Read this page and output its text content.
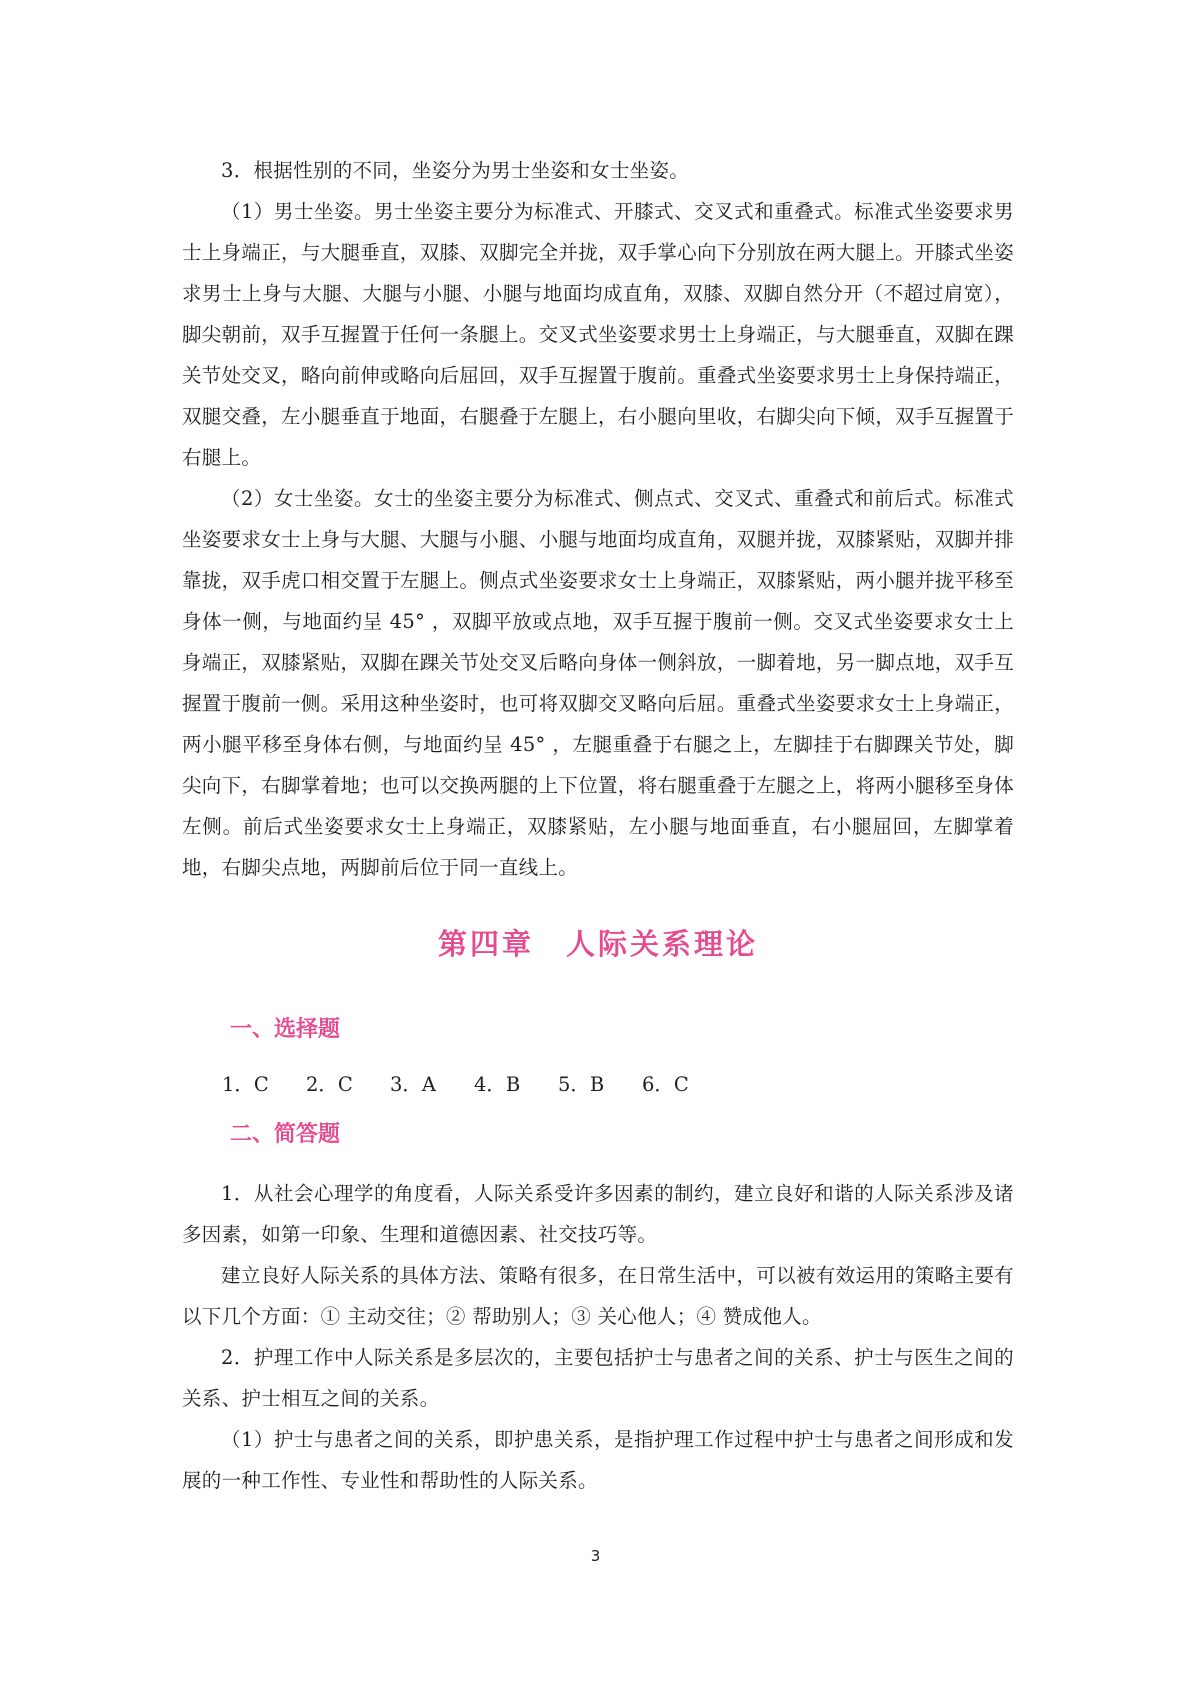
3．根据性别的不同，坐姿分为男士坐姿和女士坐姿。

（1）男士坐姿。男士坐姿主要分为标准式、开膝式、交叉式和重叠式。标准式坐姿要求男士上身端正，与大腿垂直，双膝、双脚完全并拢，双手掌心向下分别放在两大腿上。开膝式坐姿求男士上身与大腿、大腿与小腿、小腿与地面均成直角，双膝、双脚自然分开（不超过肩宽），脚尖朝前，双手互握置于任何一条腿上。交叉式坐姿要求男士上身端正，与大腿垂直，双脚在踝关节处交叉，略向前伸或略向后屈回，双手互握置于腹前。重叠式坐姿要求男士上身保持端正，双腿交叠，左小腿垂直于地面，右腿叠于左腿上，右小腿向里收，右脚尖向下倾，双手互握置于右腿上。

（2）女士坐姿。女士的坐姿主要分为标准式、侧点式、交叉式、重叠式和前后式。标准式坐姿要求女士上身与大腿、大腿与小腿、小腿与地面均成直角，双腿并拢，双膝紧贴，双脚并排靠拢，双手虎口相交置于左腿上。侧点式坐姿要求女士上身端正，双膝紧贴，两小腿并拢平移至身体一侧，与地面约呈 45° ，双脚平放或点地，双手互握于腹前一侧。交叉式坐姿要求女士上身端正，双膝紧贴，双脚在踝关节处交叉后略向身体一侧斜放，一脚着地，另一脚点地，双手互握置于腹前一侧。采用这种坐姿时，也可将双脚交叉略向后屈。重叠式坐姿要求女士上身端正，两小腿平移至身体右侧，与地面约呈 45° ，左腿重叠于右腿之上，左脚挂于右脚踝关节处，脚尖向下，右脚掌着地；也可以交换两腿的上下位置，将右腿重叠于左腿之上，将两小腿移至身体左侧。前后式坐姿要求女士上身端正，双膝紧贴，左小腿与地面垂直，右小腿屈回，左脚掌着地，右脚尖点地，两脚前后位于同一直线上。

第四章　人际关系理论
一、选择题
1．C	2．C	3．A	4．B	5．B	6．C
二、简答题

1．从社会心理学的角度看，人际关系受许多因素的制约，建立良好和谐的人际关系涉及诸多因素，如第一印象、生理和道德因素、社交技巧等。

建立良好人际关系的具体方法、策略有很多，在日常生活中，可以被有效运用的策略主要有以下几个方面：① 主动交往；② 帮助别人；③ 关心他人；④ 赞成他人。

2．护理工作中人际关系是多层次的，主要包括护士与患者之间的关系、护士与医生之间的关系、护士相互之间的关系。

（1）护士与患者之间的关系，即护患关系，是指护理工作过程中护士与患者之间形成和发展的一种工作性、专业性和帮助性的人际关系。

3
